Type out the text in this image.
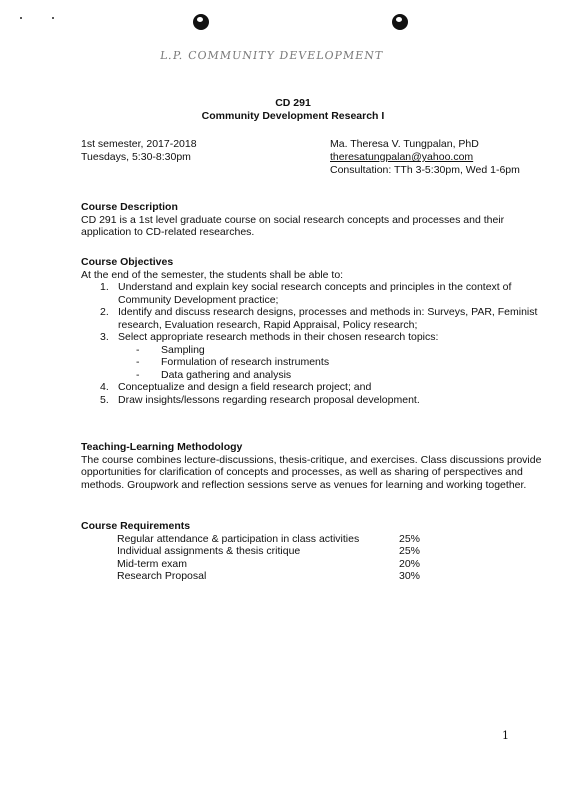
L.P. COMMUNITY DEVELOPMENT
CD 291
Community Development Research I
1st semester, 2017-2018
Tuesdays, 5:30-8:30pm
Ma. Theresa V. Tungpalan, PhD
theresatungpalan@yahoo.com
Consultation: TTh 3-5:30pm, Wed 1-6pm
Course Description
CD 291 is a 1st level graduate course on social research concepts and processes and their
application to CD-related researches.
Course Objectives
At the end of the semester, the students shall be able to:
1. Understand and explain key social research concepts and principles in the context of
Community Development practice;
2. Identify and discuss research designs, processes and methods in: Surveys, PAR, Feminist
research, Evaluation research, Rapid Appraisal, Policy research;
3. Select appropriate research methods in their chosen research topics:
- Sampling
- Formulation of research instruments
- Data gathering and analysis
4. Conceptualize and design a field research project; and
5. Draw insights/lessons regarding research proposal development.
Teaching-Learning Methodology
The course combines lecture-discussions, thesis-critique, and exercises. Class discussions provide
opportunities for clarification of concepts and processes, as well as sharing of perspectives and
methods. Groupwork and reflection sessions serve as venues for learning and working together.
Course Requirements
	Regular attendance & participation in class activities	25%
	Individual assignments & thesis critique	25%
	Mid-term exam	20%
	Research Proposal	30%
1
